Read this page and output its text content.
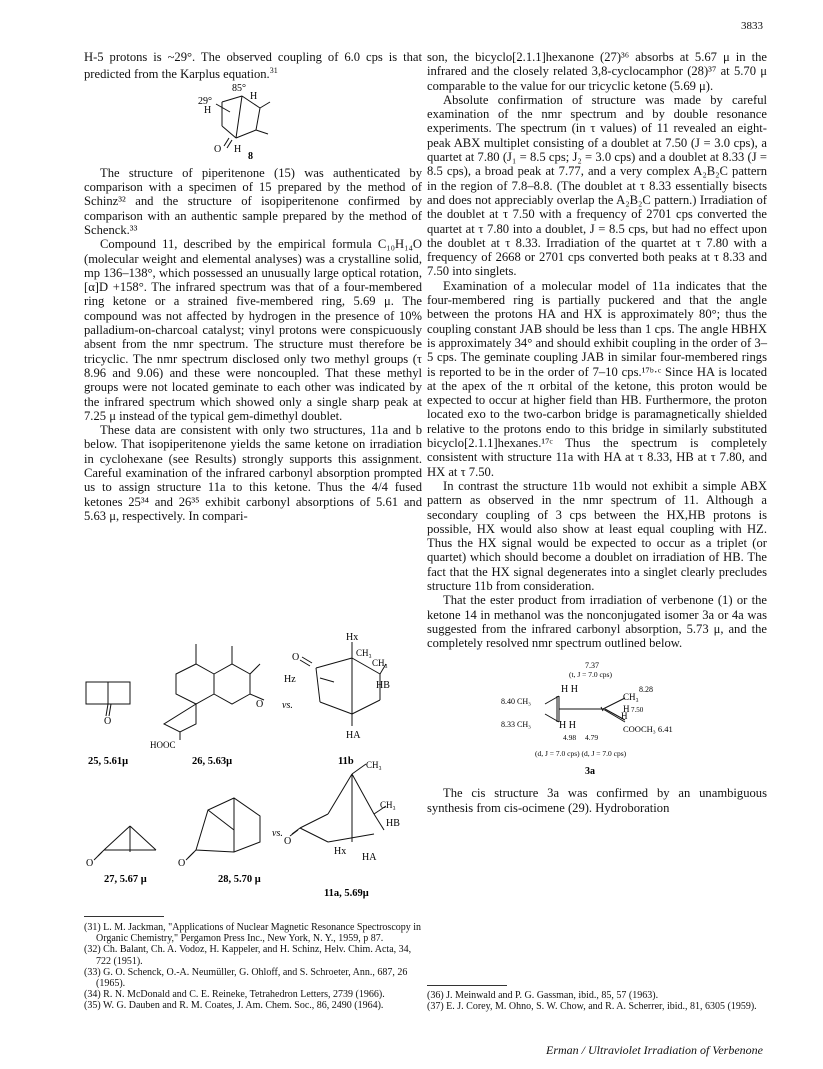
3833

H-5 protons is ~29°. The observed coupling of 6.0 cps is that predicted from the Karplus equation.$^{31}$

85°
H
29°
H
O H
8

The structure of piperitenone (15) was authenticated by comparison with a specimen of 15 prepared by the method of Schinz³² and the structure of isopiperitenone confirmed by comparison with an authentic sample prepared by the method of Schenck.³³

Compound 11, described by the empirical formula C₁₀H₁₄O (molecular weight and elemental analyses) was a crystalline solid, mp 136–138°, which possessed an unusually large optical rotation, [α]D +158°. The infrared spectrum was that of a four-membered ring ketone or a strained five-membered ring, 5.69 μ. The compound was not affected by hydrogen in the presence of 10% palladium-on-charcoal catalyst; vinyl protons were conspicuously absent from the nmr spectrum. The structure must therefore be tricyclic. The nmr spectrum disclosed only two methyl groups (τ 8.96 and 9.06) and these were noncoupled. That these methyl groups were not located geminate to each other was indicated by the infrared spectrum which showed only a single sharp peak at 7.25 μ instead of the typical gem-dimethyl doublet.

These data are consistent with only two structures, 11a and b below. That isopiperitenone yields the same ketone on irradiation in cyclohexane (see Results) strongly supports this assignment. Careful examination of the infrared carbonyl absorption prompted us to assign structure 11a to this ketone. Thus the 4/4 fused ketones 25³⁴ and 26³⁵ exhibit carbonyl absorptions of 5.61 and 5.63 μ, respectively. In compari-

O
HOOC
O vs.
Hx
O	CH₃
CH₃
Hz
HB
HA
25, 5.61μ	26, 5.63μ	11b CH₃
CH₃
HB
O	O
vs.
O
Hx
HA
27, 5.67 μ	28, 5.70 μ
11a, 5.69μ
(31) L. M. Jackman, "Applications of Nuclear Magnetic Resonance Spectroscopy in Organic Chemistry," Pergamon Press Inc., New York, N. Y., 1959, p 87.
(32) Ch. Balant, Ch. A. Vodoz, H. Kappeler, and H. Schinz, Helv. Chim. Acta, 34, 722 (1951).
(33) G. O. Schenck, O.-A. Neumüller, G. Ohloff, and S. Schroeter, Ann., 687, 26 (1965).
(34) R. N. McDonald and C. E. Reineke, Tetrahedron Letters, 2739 (1966).
(35) W. G. Dauben and R. M. Coates, J. Am. Chem. Soc., 86, 2490 (1964).

son, the bicyclo[2.1.1]hexanone (27)³⁶ absorbs at 5.67 μ in the infrared and the closely related 3,8-cyclocamphor (28)³⁷ at 5.70 μ comparable to the value for our tricyclic ketone (5.69 μ).

Absolute confirmation of structure was made by careful examination of the nmr spectrum and by double resonance experiments. The spectrum (in τ values) of 11 revealed an eight-peak ABX multiplet consisting of a doublet at 7.50 (J = 3.0 cps), a quartet at 7.80 (J₁ = 8.5 cps; J₂ = 3.0 cps) and a doublet at 8.33 (J = 8.5 cps), a broad peak at 7.77, and a very complex A₂B₂C pattern in the region of 7.8–8.8. (The doublet at τ 8.33 essentially bisects and does not appreciably overlap the A₂B₂C pattern.) Irradiation of the doublet at τ 7.50 with a frequency of 2701 cps converted the quartet at τ 7.80 into a doublet, J = 8.5 cps, but had no effect upon the doublet at τ 8.33. Irradiation of the quartet at τ 7.80 with a frequency of 2668 or 2701 cps converted both peaks at τ 8.33 and 7.50 into singlets.

Examination of a molecular model of 11a indicates that the four-membered ring is partially puckered and that the angle between the protons HA and HX is approximately 80°; thus the coupling constant JAB should be less than 1 cps. The angle HBHX is approximately 34° and should exhibit coupling in the order of 3–5 cps. The geminate coupling JAB in similar four-membered rings is reported to be in the order of 7–10 cps.¹⁷ᵇ·ᶜ Since HA is located at the apex of the π orbital of the ketone, this proton would be expected to occur at higher field than HB. Furthermore, the proton located exo to the two-carbon bridge is paramagnetically shielded relative to the protons endo to this bridge in similarly substituted bicyclo[2.1.1]hexanes.¹⁷ᶜ Thus the spectrum is completely consistent with structure 11a with HA at τ 8.33, HB at τ 7.80, and HX at τ 7.50.

In contrast the structure 11b would not exhibit a simple ABX pattern as observed in the nmr spectrum of 11. Although a secondary coupling of 3 cps between the HX,HB protons is possible, HX would also show at least equal coupling with HZ. Thus the HX signal would be expected to occur as a triplet (or quartet) which should become a doublet on irradiation of HB. The fact that the HX signal degenerates into a singlet clearly precludes structure 11b from consideration.

That the ester product from irradiation of verbenone (1) or the ketone 14 in methanol was the nonconjugated isomer 3a or 4a was suggested from the infrared carbonyl absorption, 5.73 μ, and the completely resolved nmr spectrum outlined below.

7.37
(t, J = 7.0 cps)
8.28
H H
CH₃
8.40 CH₃
H 7.50
H
8.33 CH₃	H H	COOCH₃ 6.41
4.98 4.79
(d, J = 7.0 cps) (d, J = 7.0 cps)
3a

The cis structure 3a was confirmed by an unambiguous synthesis from cis-ocimene (29). Hydroboration

(36) J. Meinwald and P. G. Gassman, ibid., 85, 57 (1963).
(37) E. J. Corey, M. Ohno, S. W. Chow, and R. A. Scherrer, ibid., 81, 6305 (1959).
Erman / Ultraviolet Irradiation of Verbenone
